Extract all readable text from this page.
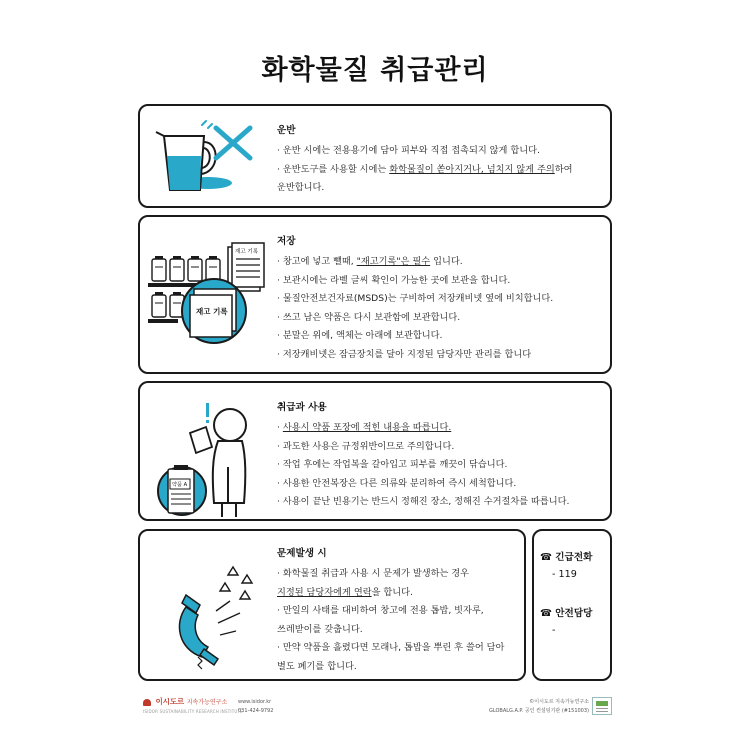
화학물질 취급관리
운반
· 운반 시에는 전용용기에 담아 피부와 직접 접촉되지 않게 합니다.
· 운반도구를 사용할 시에는 화학물질이 쏟아지거나, 넘치지 않게 주의하여
운반합니다.
재고 기록
재고 기록
저장
· 창고에 넣고 뺄때, "재고기록"은 필수 입니다.
· 보관시에는 라벨 글씨 확인이 가능한 곳에 보관을 합니다.
· 물질안전보건자료(MSDS)는 구비하여 저장캐비넷 옆에 비치합니다.
· 쓰고 남은 약품은 다시 보관함에 보관합니다.
· 분말은 위에, 액체는 아래에 보관합니다.
· 저장캐비넷은 잠금장치를 달아 지정된 담당자만 관리를 합니다
약품 A
취급과 사용
· 사용시 약품 포장에 적힌 내용을 따릅니다.
· 과도한 사용은 규정위반이므로 주의합니다.
· 작업 후에는 작업복을 갈아입고 피부를 깨끗이 닦습니다.
· 사용한 안전복장은 다른 의류와 분리하여 즉시 세척합니다.
· 사용이 끝난 빈용기는 반드시 정해진 장소, 정해진 수거절차를 따릅니다.
문제발생 시
· 화학물질 취급과 사용 시 문제가 발생하는 경우
지정된 담당자에게 연락을 합니다.
· 만일의 사태를 대비하여 창고에 전용 톱밥, 빗자루,
쓰레받이를 갖춥니다.
· 만약 약품을 흘렸다면 모래나, 톱밥을 뿌린 후 쓸어 담아
별도 폐기를 합니다.
☎ 긴급전화
- 119
☎ 안전담당
-
이시도르 지속가능연구소
ISIDOR SUSTAINABILITY RESEARCH INSTITUTE
www.isidor.kr
031-424-9792
©이시도르 지속가능연구소
GLOBALG.A.P. 공인 컨설팅기관 (#151003)
